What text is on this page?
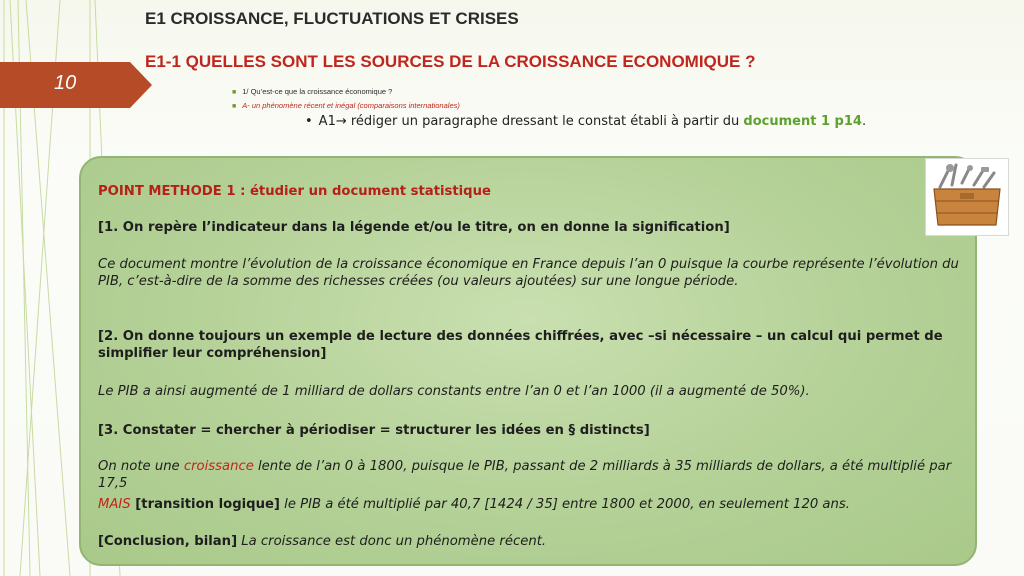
10
E1 CROISSANCE, FLUCTUATIONS ET CRISES
E1-1 QUELLES SONT LES SOURCES DE LA CROISSANCE ECONOMIQUE ?
■ 1/ Qu’est-ce que la croissance économique ?
■ A- un phénomène récent et inégal (comparaisons internationales)
• A1→ rédiger un paragraphe dressant le constat établi à partir du document 1 p14.
POINT METHODE 1 : étudier un document statistique
[1. On repère l’indicateur dans la légende et/ou le titre, on en donne la signification]
Ce document montre l’évolution de la croissance économique en France depuis l’an 0 puisque la courbe représente l’évolution du PIB, c’est-à-dire de la somme des richesses créées (ou valeurs ajoutées) sur une longue période.
[2. On donne toujours un exemple de lecture des données chiffrées, avec –si nécessaire – un calcul qui permet de simplifier leur compréhension]
Le PIB a ainsi augmenté de 1 milliard de dollars constants entre l’an 0 et l’an 1000 (il a augmenté de 50%).
[3. Constater = chercher à périodiser = structurer les idées en § distincts]
On note une croissance lente de l’an 0 à 1800, puisque le PIB, passant de 2 milliards à 35 milliards de dollars, a été multiplié par 17,5
MAIS [transition logique] le PIB a été multiplié par 40,7 [1424 / 35] entre 1800 et 2000, en seulement 120 ans.
[Conclusion, bilan] La croissance est donc un phénomène récent.
